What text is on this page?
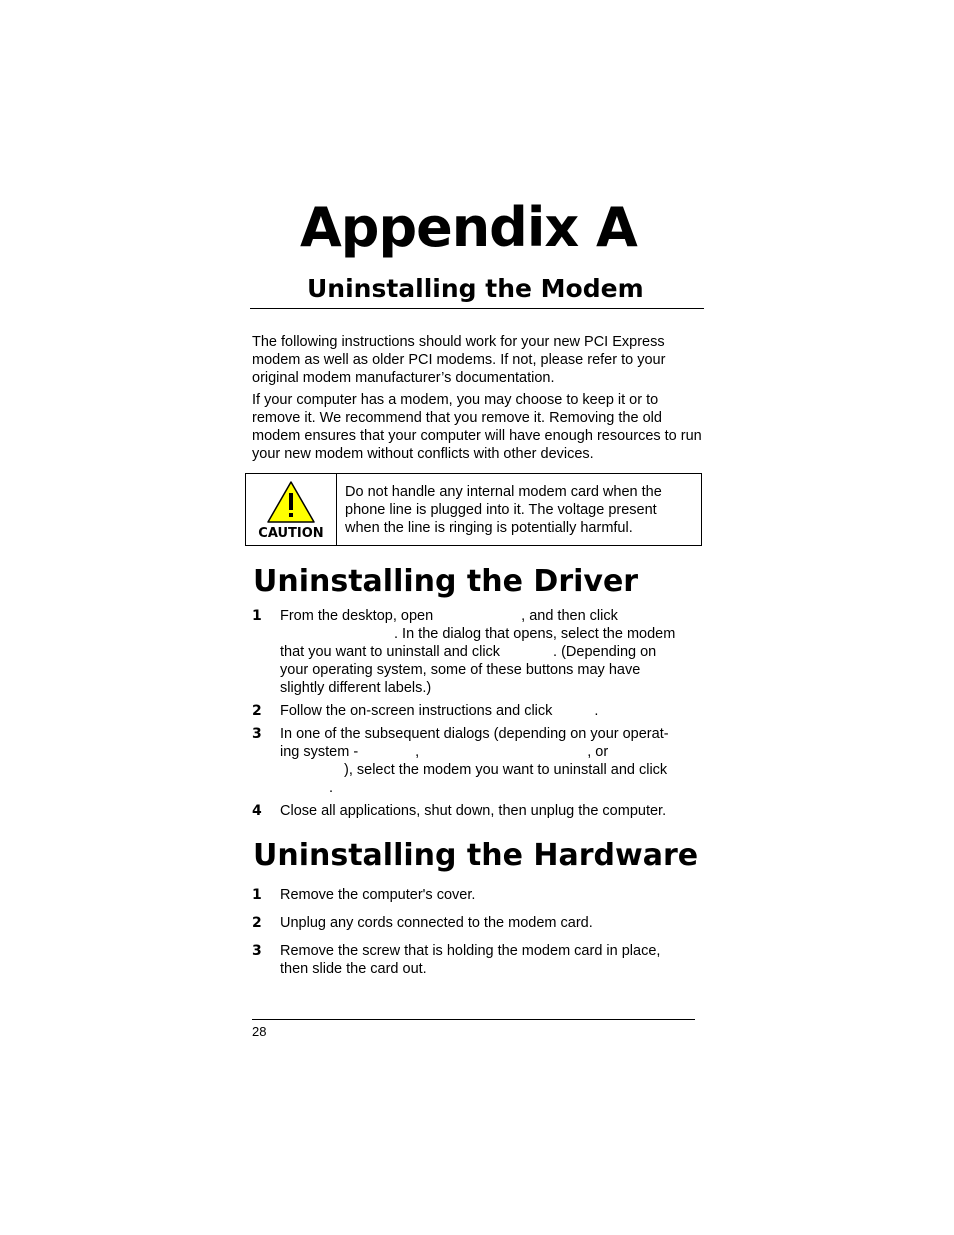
Appendix A
Uninstalling the Modem
The following instructions should work for your new PCI Express modem as well as older PCI modems. If not, please refer to your original modem manufacturer’s documentation.
If your computer has a modem, you may choose to keep it or to remove it. We recommend that you remove it. Removing the old modem ensures that your computer will have enough resources to run your new modem without conflicts with other devices.
CAUTION
Do not handle any internal modem card when the phone line is plugged into it. The voltage present when the line is ringing is potentially harmful.
Uninstalling the Driver
1 From the desktop, open	, and then click
. In the dialog that opens, select the modem
that you want to uninstall and click	. (Depending on
your operating system, some of these buttons may have
slightly different labels.)
2 Follow the on-screen instructions and click	.
3 In one of the subsequent dialogs (depending on your operat-
ing system -	,	, or
), select the modem you want to uninstall and click
.
4 Close all applications, shut down, then unplug the computer.
Uninstalling the Hardware
1 Remove the computer's cover.
2 Unplug any cords connected to the modem card.
3 Remove the screw that is holding the modem card in place,
then slide the card out.
28
